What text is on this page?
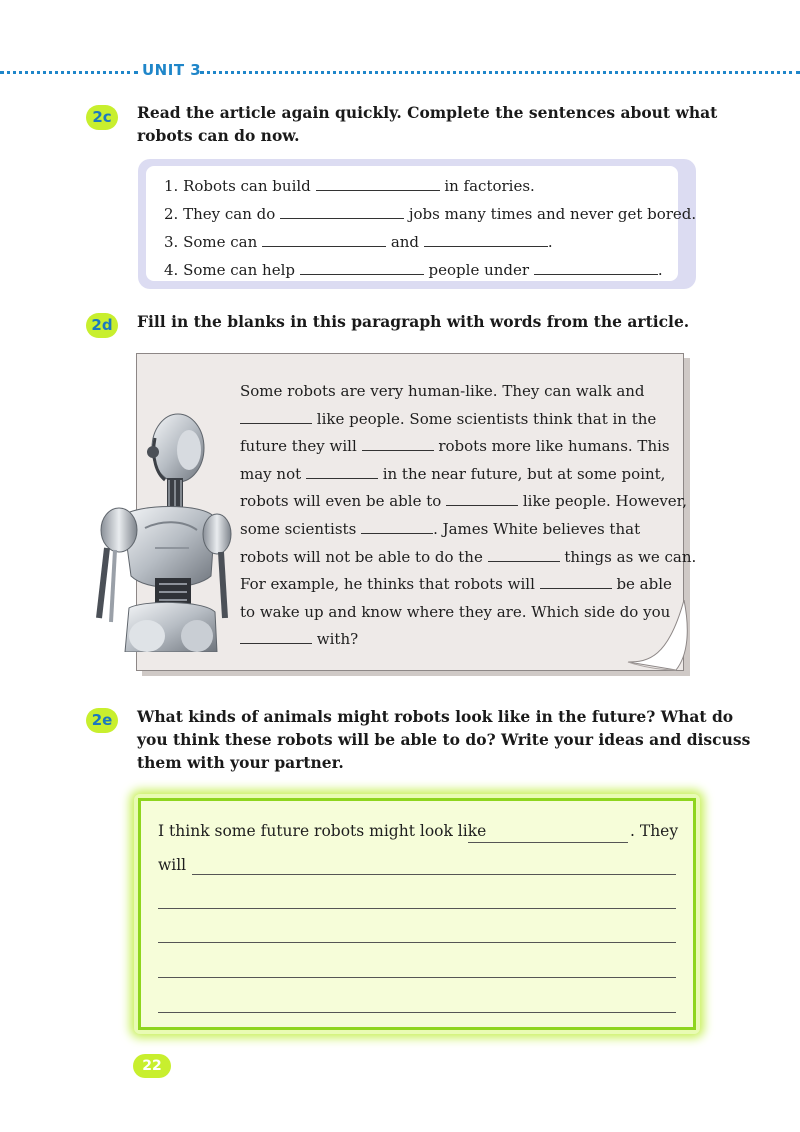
UNIT 3
2c	Read the article again quickly. Complete the sentences about what
robots can do now.
1. Robots can build	in factories.
2. They can do	jobs many times and never get bored.
3. Some can	and	.
4. Some can help	people under	.
2d	Fill in the blanks in this paragraph with words from the article.
Some robots are very human-like. They can walk and
like people. Some scientists think that in the
future they will	robots more like humans. This
may not	in the near future, but at some point,
robots will even be able to	like people. However,
some scientists	. James White believes that
robots will not be able to do the	things as we can.
For example, he thinks that robots will	be able
to wake up and know where they are. Which side do you
with?
2e	What kinds of animals might robots look like in the future? What do
you think these robots will be able to do? Write your ideas and discuss
them with your partner.
I think some future robots might look like	. They
will
22
